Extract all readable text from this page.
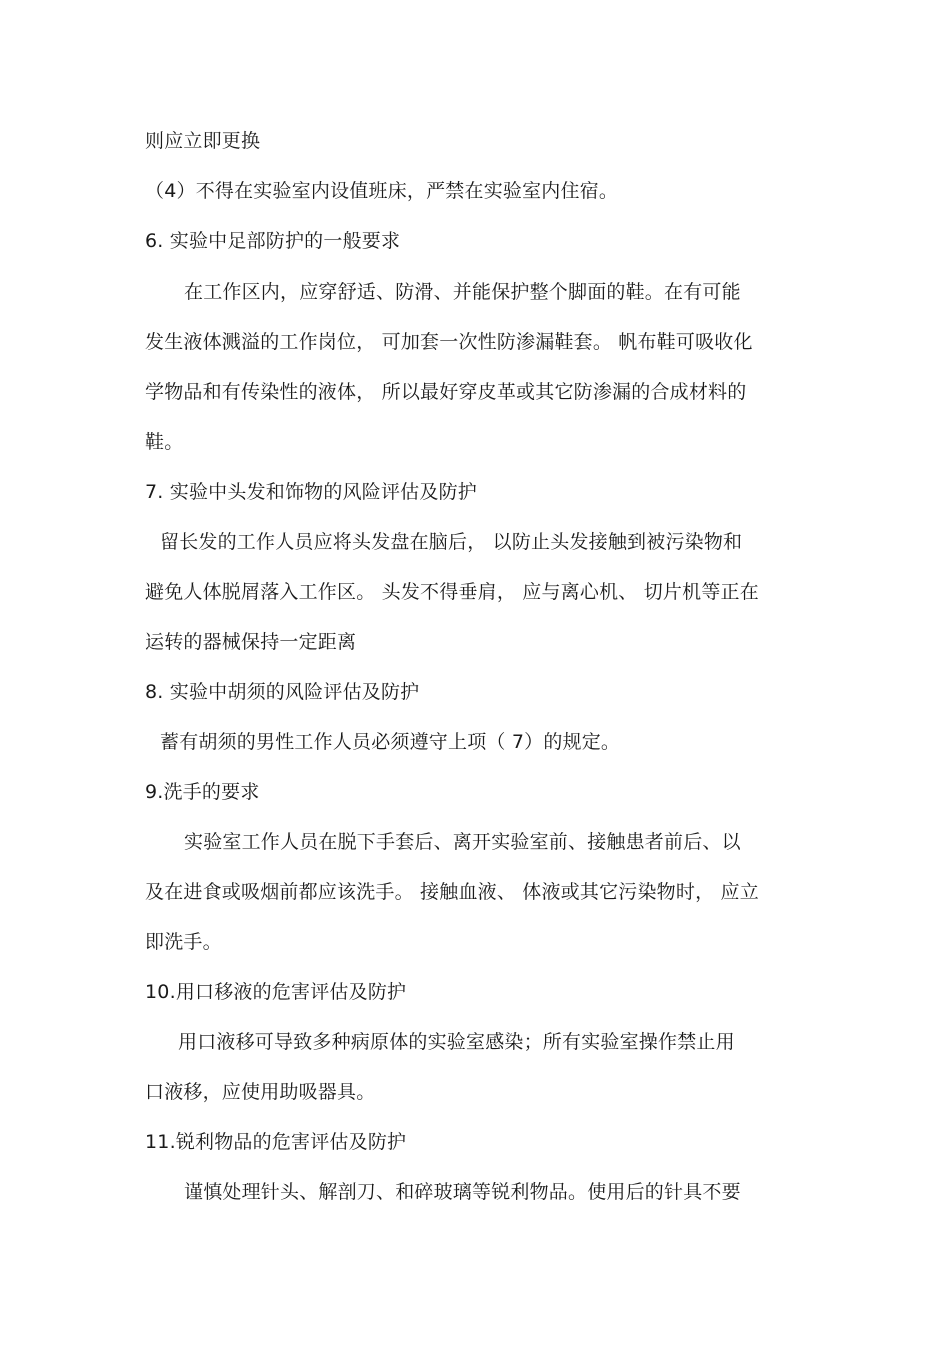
则应立即更换
（4）不得在实验室内设值班床，严禁在实验室内住宿。
6. 实验中足部防护的一般要求
在工作区内，应穿舒适、防滑、并能保护整个脚面的鞋。在有可能
发生液体溅溢的工作岗位， 可加套一次性防渗漏鞋套。 帆布鞋可吸收化
学物品和有传染性的液体， 所以最好穿皮革或其它防渗漏的合成材料的
鞋。
7. 实验中头发和饰物的风险评估及防护
留长发的工作人员应将头发盘在脑后， 以防止头发接触到被污染物和
避免人体脱屑落入工作区。 头发不得垂肩， 应与离心机、 切片机等正在
运转的器械保持一定距离
8. 实验中胡须的风险评估及防护
蓄有胡须的男性工作人员必须遵守上项（ 7）的规定。
9.洗手的要求
实验室工作人员在脱下手套后、离开实验室前、接触患者前后、以
及在进食或吸烟前都应该洗手。 接触血液、 体液或其它污染物时， 应立
即洗手。
10.用口移液的危害评估及防护
用口液移可导致多种病原体的实验室感染；所有实验室操作禁止用
口液移，应使用助吸器具。
11.锐利物品的危害评估及防护
谨慎处理针头、解剖刀、和碎玻璃等锐利物品。使用后的针具不要
